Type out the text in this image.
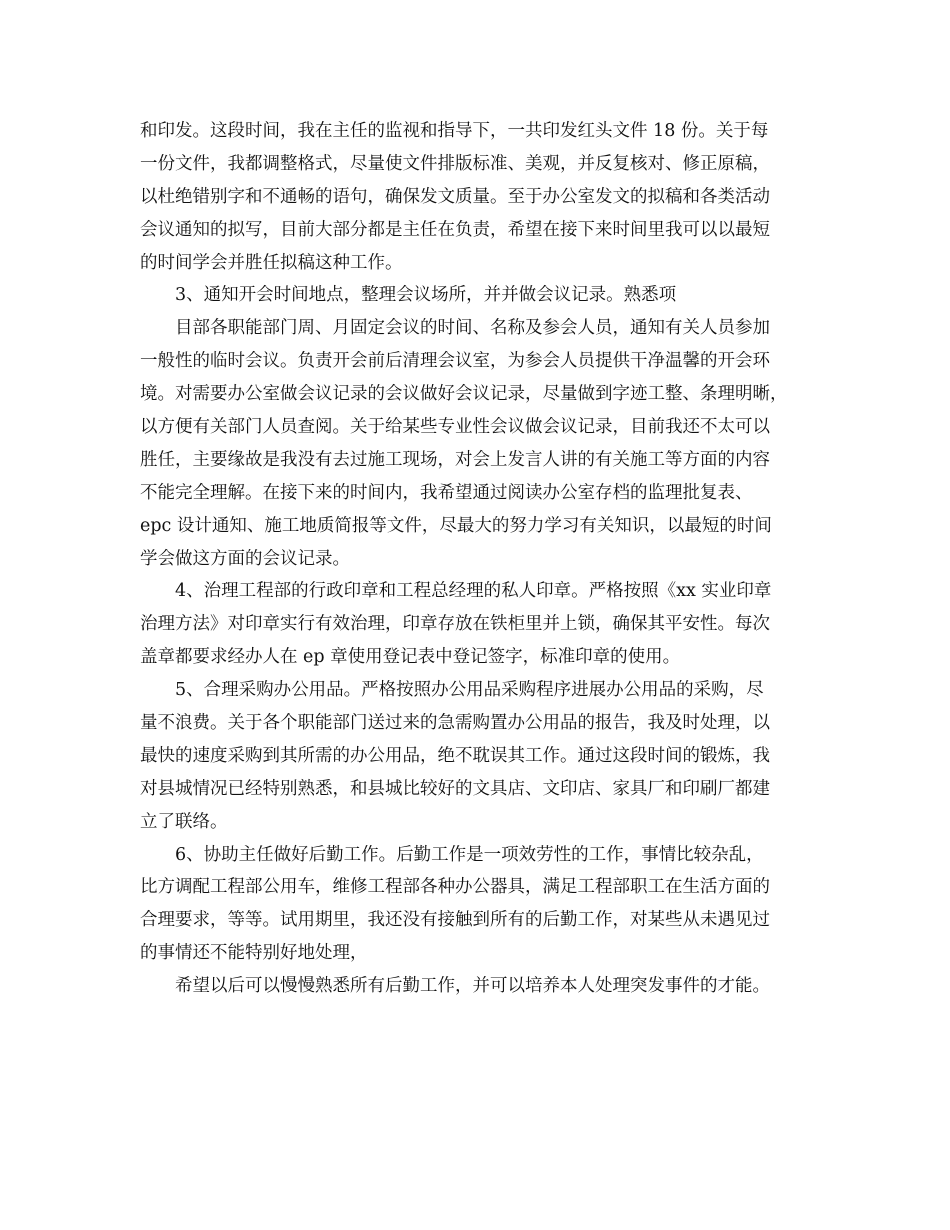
和印发。这段时间，我在主任的监视和指导下，一共印发红头文件 18 份。关于每
一份文件，我都调整格式，尽量使文件排版标准、美观，并反复核对、修正原稿，
以杜绝错别字和不通畅的语句，确保发文质量。至于办公室发文的拟稿和各类活动
会议通知的拟写，目前大部分都是主任在负责，希望在接下来时间里我可以以最短
的时间学会并胜任拟稿这种工作。
3、通知开会时间地点，整理会议场所，并并做会议记录。熟悉项
目部各职能部门周、月固定会议的时间、名称及参会人员，通知有关人员参加
一般性的临时会议。负责开会前后清理会议室，为参会人员提供干净温馨的开会环
境。对需要办公室做会议记录的会议做好会议记录，尽量做到字迹工整、条理明晰，
以方便有关部门人员查阅。关于给某些专业性会议做会议记录，目前我还不太可以
胜任，主要缘故是我没有去过施工现场，对会上发言人讲的有关施工等方面的内容
不能完全理解。在接下来的时间内，我希望通过阅读办公室存档的监理批复表、
epc 设计通知、施工地质简报等文件，尽最大的努力学习有关知识，以最短的时间
学会做这方面的会议记录。
4、治理工程部的行政印章和工程总经理的私人印章。严格按照《xx 实业印章
治理方法》对印章实行有效治理，印章存放在铁柜里并上锁，确保其平安性。每次
盖章都要求经办人在 ep 章使用登记表中登记签字，标准印章的使用。
5、合理采购办公用品。严格按照办公用品采购程序进展办公用品的采购，尽
量不浪费。关于各个职能部门送过来的急需购置办公用品的报告，我及时处理，以
最快的速度采购到其所需的办公用品，绝不耽误其工作。通过这段时间的锻炼，我
对县城情况已经特别熟悉，和县城比较好的文具店、文印店、家具厂和印刷厂都建
立了联络。
6、协助主任做好后勤工作。后勤工作是一项效劳性的工作，事情比较杂乱，
比方调配工程部公用车，维修工程部各种办公器具，满足工程部职工在生活方面的
合理要求，等等。试用期里，我还没有接触到所有的后勤工作，对某些从未遇见过
的事情还不能特别好地处理，
希望以后可以慢慢熟悉所有后勤工作，并可以培养本人处理突发事件的才能。
